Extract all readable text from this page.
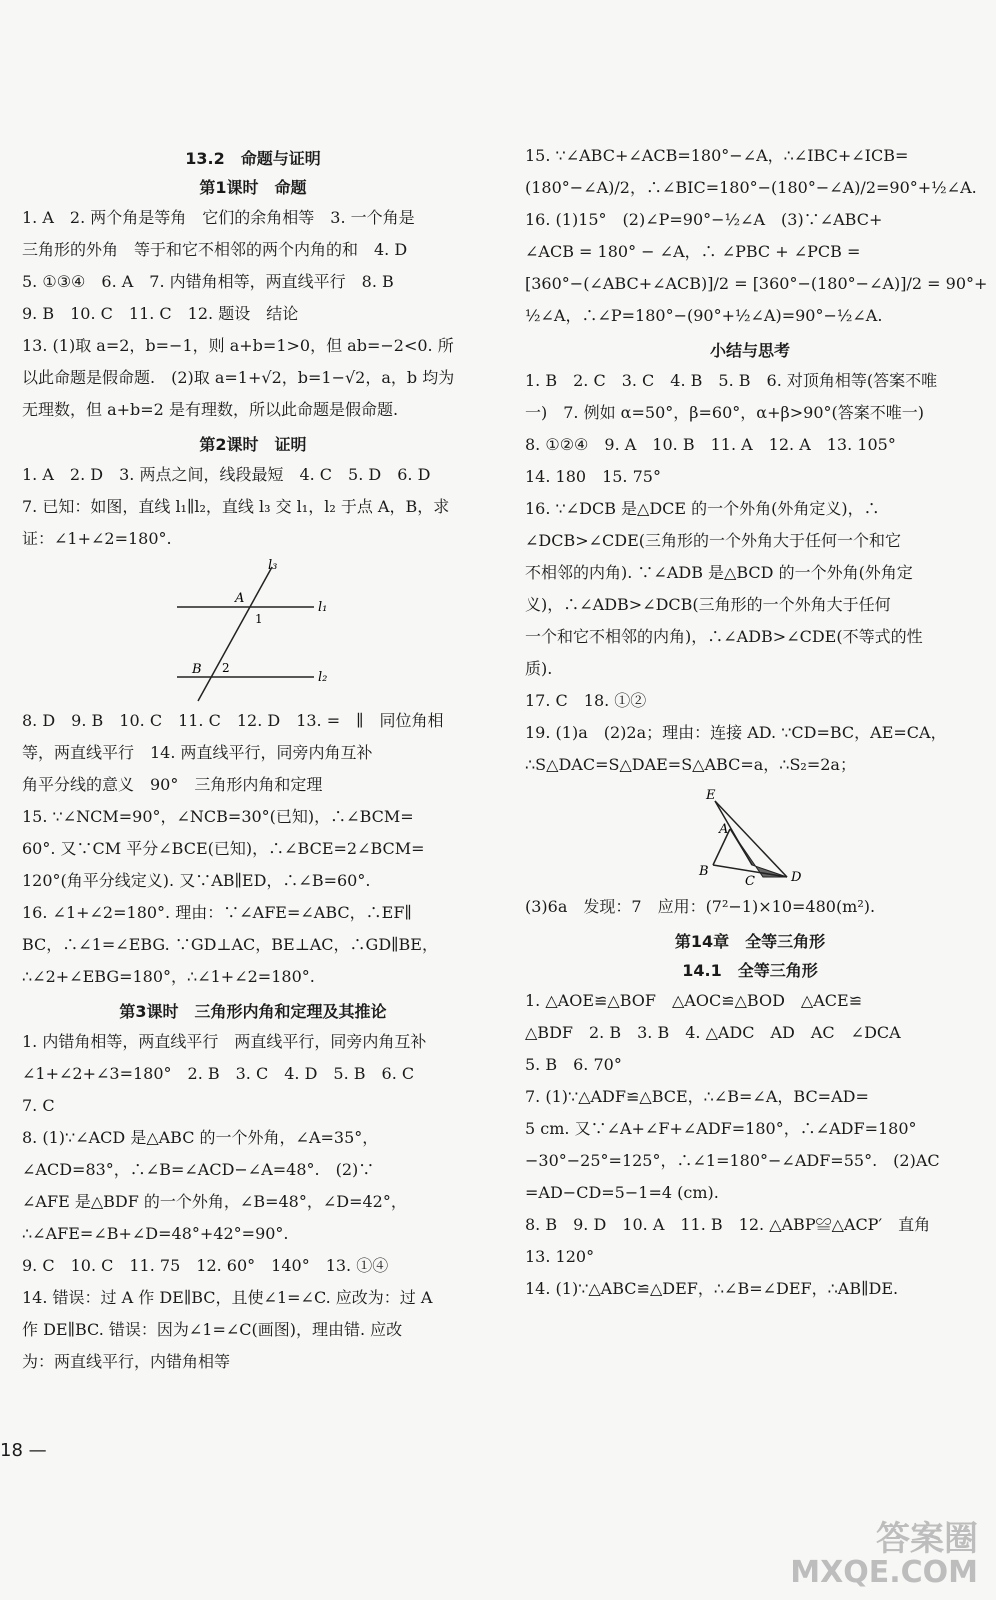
13.2　命题与证明
第1课时　命题
1. A　2. 两个角是等角　它们的余角相等　3. 一个角是
三角形的外角　等于和它不相邻的两个内角的和　4. D
5. ①③④　6. A　7. 内错角相等，两直线平行　8. B
9. B　10. C　11. C　12. 题设　结论
13. (1)取 a=2，b=−1，则 a+b=1>0，但 ab=−2<0. 所
以此命题是假命题.　(2)取 a=1+√2，b=1−√2，a，b 均为
无理数，但 a+b=2 是有理数，所以此命题是假命题.
第2课时　证明
1. A　2. D　3. 两点之间，线段最短　4. C　5. D　6. D
7. 已知：如图，直线 l₁∥l₂，直线 l₃ 交 l₁，l₂ 于点 A，B，求
证：∠1+∠2=180°.
l₃
l₁
l₂
A
B
1
2
8. D　9. B　10. C　11. C　12. D　13. =　∥　同位角相
等，两直线平行　14. 两直线平行，同旁内角互补
角平分线的意义　90°　三角形内角和定理
15. ∵∠NCM=90°，∠NCB=30°(已知)，∴∠BCM=
60°. 又∵CM 平分∠BCE(已知)，∴∠BCE=2∠BCM=
120°(角平分线定义). 又∵AB∥ED，∴∠B=60°.
16. ∠1+∠2=180°. 理由：∵∠AFE=∠ABC，∴EF∥
BC，∴∠1=∠EBG. ∵GD⊥AC，BE⊥AC，∴GD∥BE，
∴∠2+∠EBG=180°，∴∠1+∠2=180°.
第3课时　三角形内角和定理及其推论
1. 内错角相等，两直线平行　两直线平行，同旁内角互补
∠1+∠2+∠3=180°　2. B　3. C　4. D　5. B　6. C
7. C
8. (1)∵∠ACD 是△ABC 的一个外角，∠A=35°，
∠ACD=83°，∴∠B=∠ACD−∠A=48°.　(2)∵
∠AFE 是△BDF 的一个外角，∠B=48°，∠D=42°，
∴∠AFE=∠B+∠D=48°+42°=90°.
9. C　10. C　11. 75　12. 60°　140°　13. ①④
14. 错误：过 A 作 DE∥BC，且使∠1=∠C. 应改为：过 A
作 DE∥BC. 错误：因为∠1=∠C(画图)，理由错. 应改
为：两直线平行，内错角相等
18 —
15. ∵∠ABC+∠ACB=180°−∠A，∴∠IBC+∠ICB=
(180°−∠A)/2，∴∠BIC=180°−(180°−∠A)/2=90°+½∠A.
16. (1)15°　(2)∠P=90°−½∠A　(3)∵∠ABC+
∠ACB = 180° − ∠A，∴ ∠PBC + ∠PCB =
[360°−(∠ABC+∠ACB)]/2 = [360°−(180°−∠A)]/2 = 90°+
½∠A，∴∠P=180°−(90°+½∠A)=90°−½∠A.
小结与思考
1. B　2. C　3. C　4. B　5. B　6. 对顶角相等(答案不唯
一)　7. 例如 α=50°，β=60°，α+β>90°(答案不唯一)
8. ①②④　9. A　10. B　11. A　12. A　13. 105°
14. 180　15. 75°
16. ∵∠DCB 是△DCE 的一个外角(外角定义)，∴
∠DCB>∠CDE(三角形的一个外角大于任何一个和它
不相邻的内角). ∵∠ADB 是△BCD 的一个外角(外角定
义)，∴∠ADB>∠DCB(三角形的一个外角大于任何
一个和它不相邻的内角)，∴∠ADB>∠CDE(不等式的性
质).
17. C　18. ①②
19. (1)a　(2)2a；理由：连接 AD. ∵CD=BC，AE=CA，
∴S△DAC=S△DAE=S△ABC=a，∴S₂=2a；
E
A
B
C	D
(3)6a　发现：7　应用：(7²−1)×10=480(m²).
第14章　全等三角形
14.1　全等三角形
1. △AOE≌△BOF　△AOC≌△BOD　△ACE≌
△BDF　2. B　3. B　4. △ADC　AD　AC　∠DCA
5. B　6. 70°
7. (1)∵△ADF≌△BCE，∴∠B=∠A，BC=AD=
5 cm. 又∵∠A+∠F+∠ADF=180°，∴∠ADF=180°
−30°−25°=125°，∴∠1=180°−∠ADF=55°.　(2)AC
=AD−CD=5−1=4 (cm).
8. B　9. D　10. A　11. B　12. △ABP≌△ACP′　直角
13. 120°
14. (1)∵△ABC≌△DEF，∴∠B=∠DEF，∴AB∥DE.
答案圈
MXQE.COM
